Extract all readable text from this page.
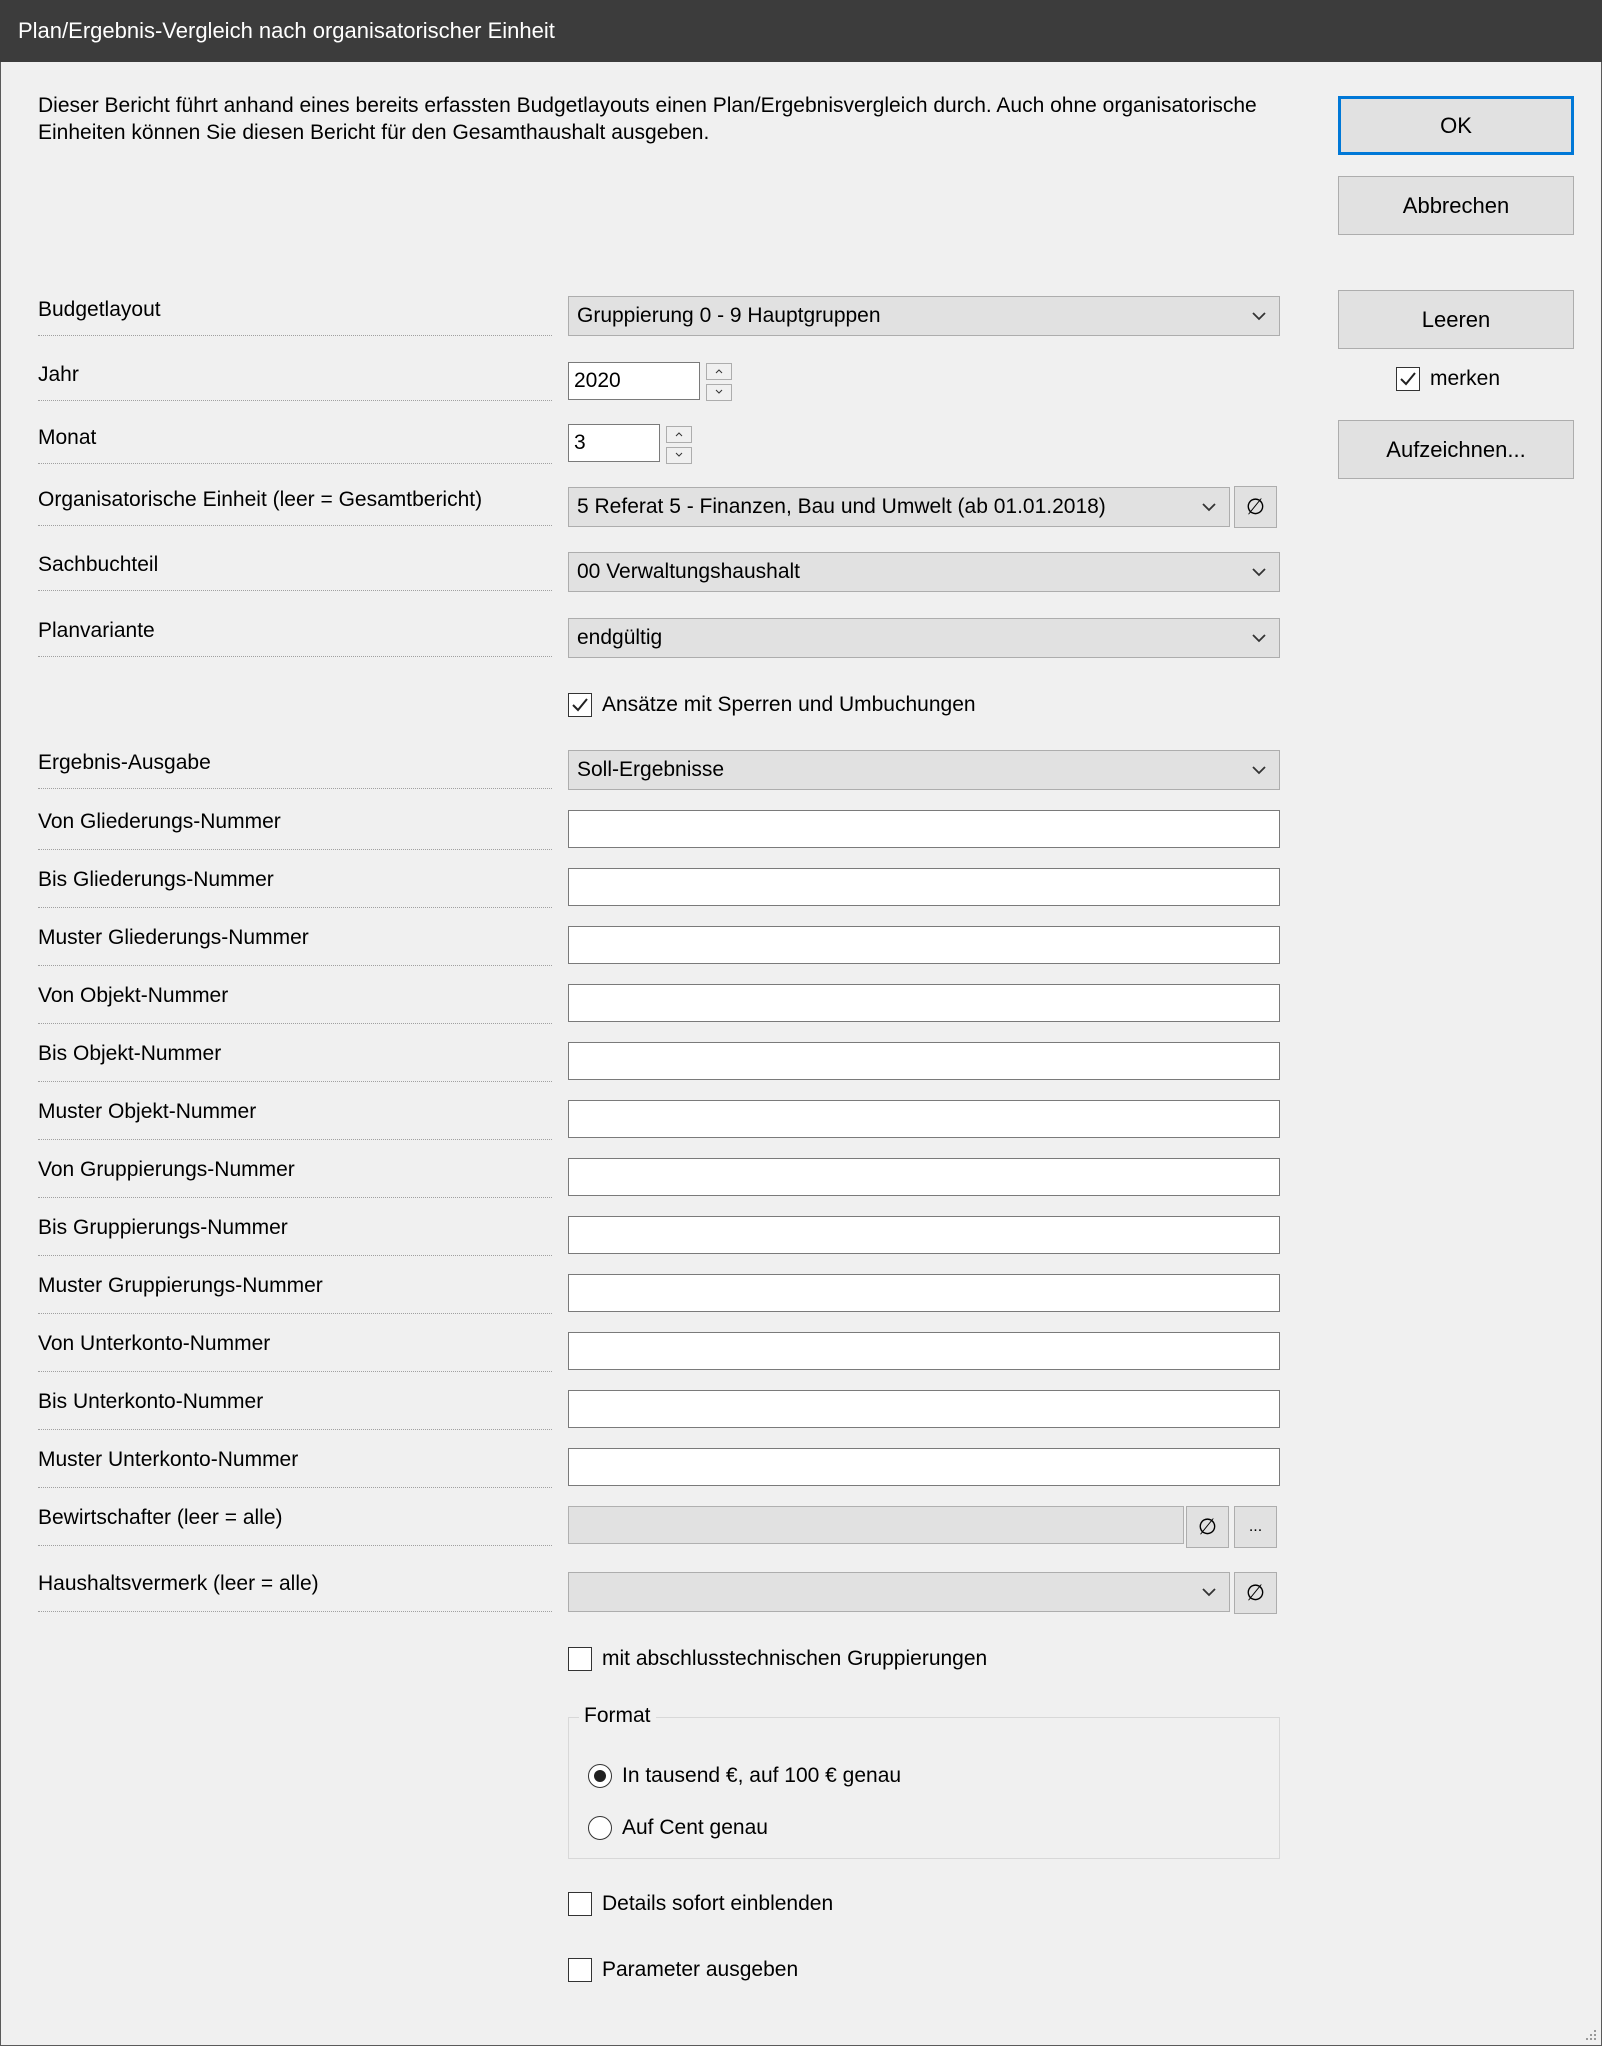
Plan/Ergebnis-Vergleich nach organisatorischer Einheit
Dieser Bericht führt anhand eines bereits erfassten Budgetlayouts einen Plan/Ergebnisvergleich durch. Auch ohne organisatorische Einheiten können Sie diesen Bericht für den Gesamthaushalt ausgeben.	OK
Abbrechen
Leeren
merken
Aufzeichnen...
Budgetlayout	Gruppierung 0 - 9 Hauptgruppen
Jahr	2020
Monat	3
Organisatorische Einheit (leer = Gesamtbericht)	5 Referat 5 - Finanzen, Bau und Umwelt (ab 01.01.2018)	∅
Sachbuchteil	00 Verwaltungshaushalt
Planvariante	endgültig
Ansätze mit Sperren und Umbuchungen
Ergebnis-Ausgabe	Soll-Ergebnisse
Von Gliederungs-Nummer
Bis Gliederungs-Nummer
Muster Gliederungs-Nummer
Von Objekt-Nummer
Bis Objekt-Nummer
Muster Objekt-Nummer
Von Gruppierungs-Nummer
Bis Gruppierungs-Nummer
Muster Gruppierungs-Nummer
Von Unterkonto-Nummer
Bis Unterkonto-Nummer
Muster Unterkonto-Nummer
Bewirtschafter (leer = alle)	∅ ...
Haushaltsvermerk (leer = alle)	∅
mit abschlusstechnischen Gruppierungen
Format
In tausend €, auf 100 € genau
Auf Cent genau
Details sofort einblenden
Parameter ausgeben
